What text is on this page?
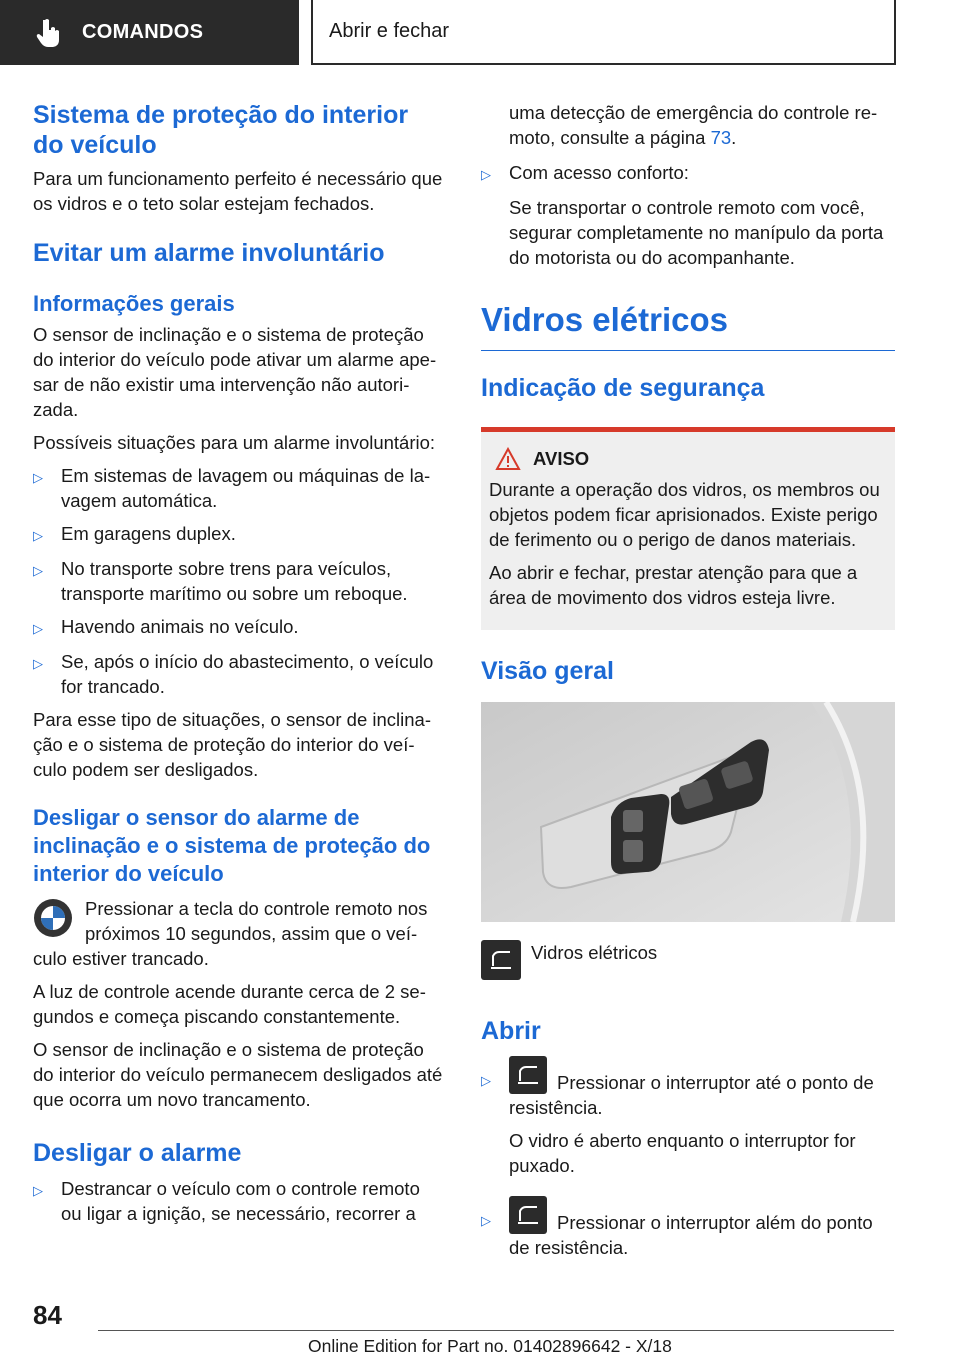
COMANDOS	Abrir e fechar
Sistema de proteção do interior do veículo

Para um funcionamento perfeito é necessário que os vidros e o teto solar estejam fechados.

Evitar um alarme involuntário
Informações gerais

O sensor de inclinação e o sistema de proteção do interior do veículo pode ativar um alarme ape‐ sar de não existir uma intervenção não autori‐ zada.

Possíveis situações para um alarme involuntário:

▷ Em sistemas de lavagem ou máquinas de la‐ vagem automática.
▷ Em garagens duplex.
▷ No transporte sobre trens para veículos, transporte marítimo ou sobre um reboque.
▷ Havendo animais no veículo.
▷ Se, após o início do abastecimento, o veículo for trancado.

Para esse tipo de situações, o sensor de inclina‐ ção e o sistema de proteção do interior do veí‐ culo podem ser desligados.

Desligar o sensor do alarme de inclinação e o sistema de proteção do interior do veículo
Pressionar a tecla do controle remoto nos próximos 10 segundos, assim que o veí‐ culo estiver trancado.

A luz de controle acende durante cerca de 2 se‐ gundos e começa piscando constantemente.

O sensor de inclinação e o sistema de proteção do interior do veículo permanecem desligados até que ocorra um novo trancamento.

Desligar o alarme
▷ Destrancar o veículo com o controle remoto ou ligar a ignição, se necessário, recorrer a

uma detecção de emergência do controle re‐ moto, consulte a página 73.

▷ Com acesso conforto:

Se transportar o controle remoto com você, segurar completamente no manípulo da porta do motorista ou do acompanhante.

Vidros elétricos
Indicação de segurança
AVISO

Durante a operação dos vidros, os membros ou objetos podem ficar aprisionados. Existe perigo de ferimento ou o perigo de danos materiais.

Ao abrir e fechar, prestar atenção para que a área de movimento dos vidros esteja livre.

Visão geral
Vidros elétricos
Abrir
▷	Pressionar o interruptor até o ponto de resistência.

O vidro é aberto enquanto o interruptor for puxado.

▷	Pressionar o interruptor além do ponto de resistência.
84
Online Edition for Part no. 01402896642 - X/18
